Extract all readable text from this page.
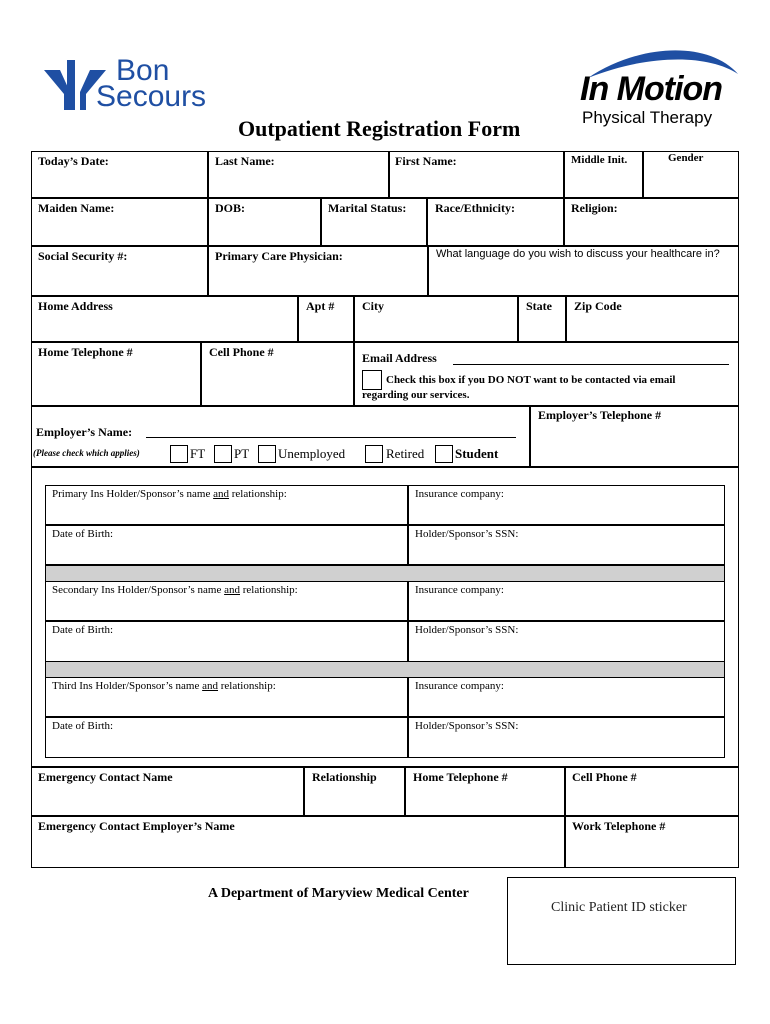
Bon
Secours	In Motion
Physical Therapy
Outpatient Registration Form
Today’s Date:	Last Name:	First Name:	Middle Init.	Gender
Maiden Name:	DOB:	Marital Status: Race/Ethnicity:	Religion:
Social Security #:	Primary Care Physician:	What language do you wish to discuss your healthcare in?
Home Address	Apt # City	State Zip Code
Home Telephone #	Cell Phone #	Email Address
Check this box if you DO NOT want to be contacted via email
regarding our services.
Employer’s Name:
(Please check which applies)	FT PT Unemployed	Retired Student
Employer’s Telephone #
Primary Ins Holder/Sponsor’s name and relationship:	Insurance company:
Date of Birth:	Holder/Sponsor’s SSN:
Secondary Ins Holder/Sponsor’s name and relationship:	Insurance company:
Date of Birth:	Holder/Sponsor’s SSN:
Third Ins Holder/Sponsor’s name and relationship:	Insurance company:
Date of Birth:	Holder/Sponsor’s SSN:
Emergency Contact Name	Relationship	Home Telephone #	Cell Phone #
Emergency Contact Employer’s Name	Work Telephone #
A Department of Maryview Medical Center
Clinic Patient ID sticker
